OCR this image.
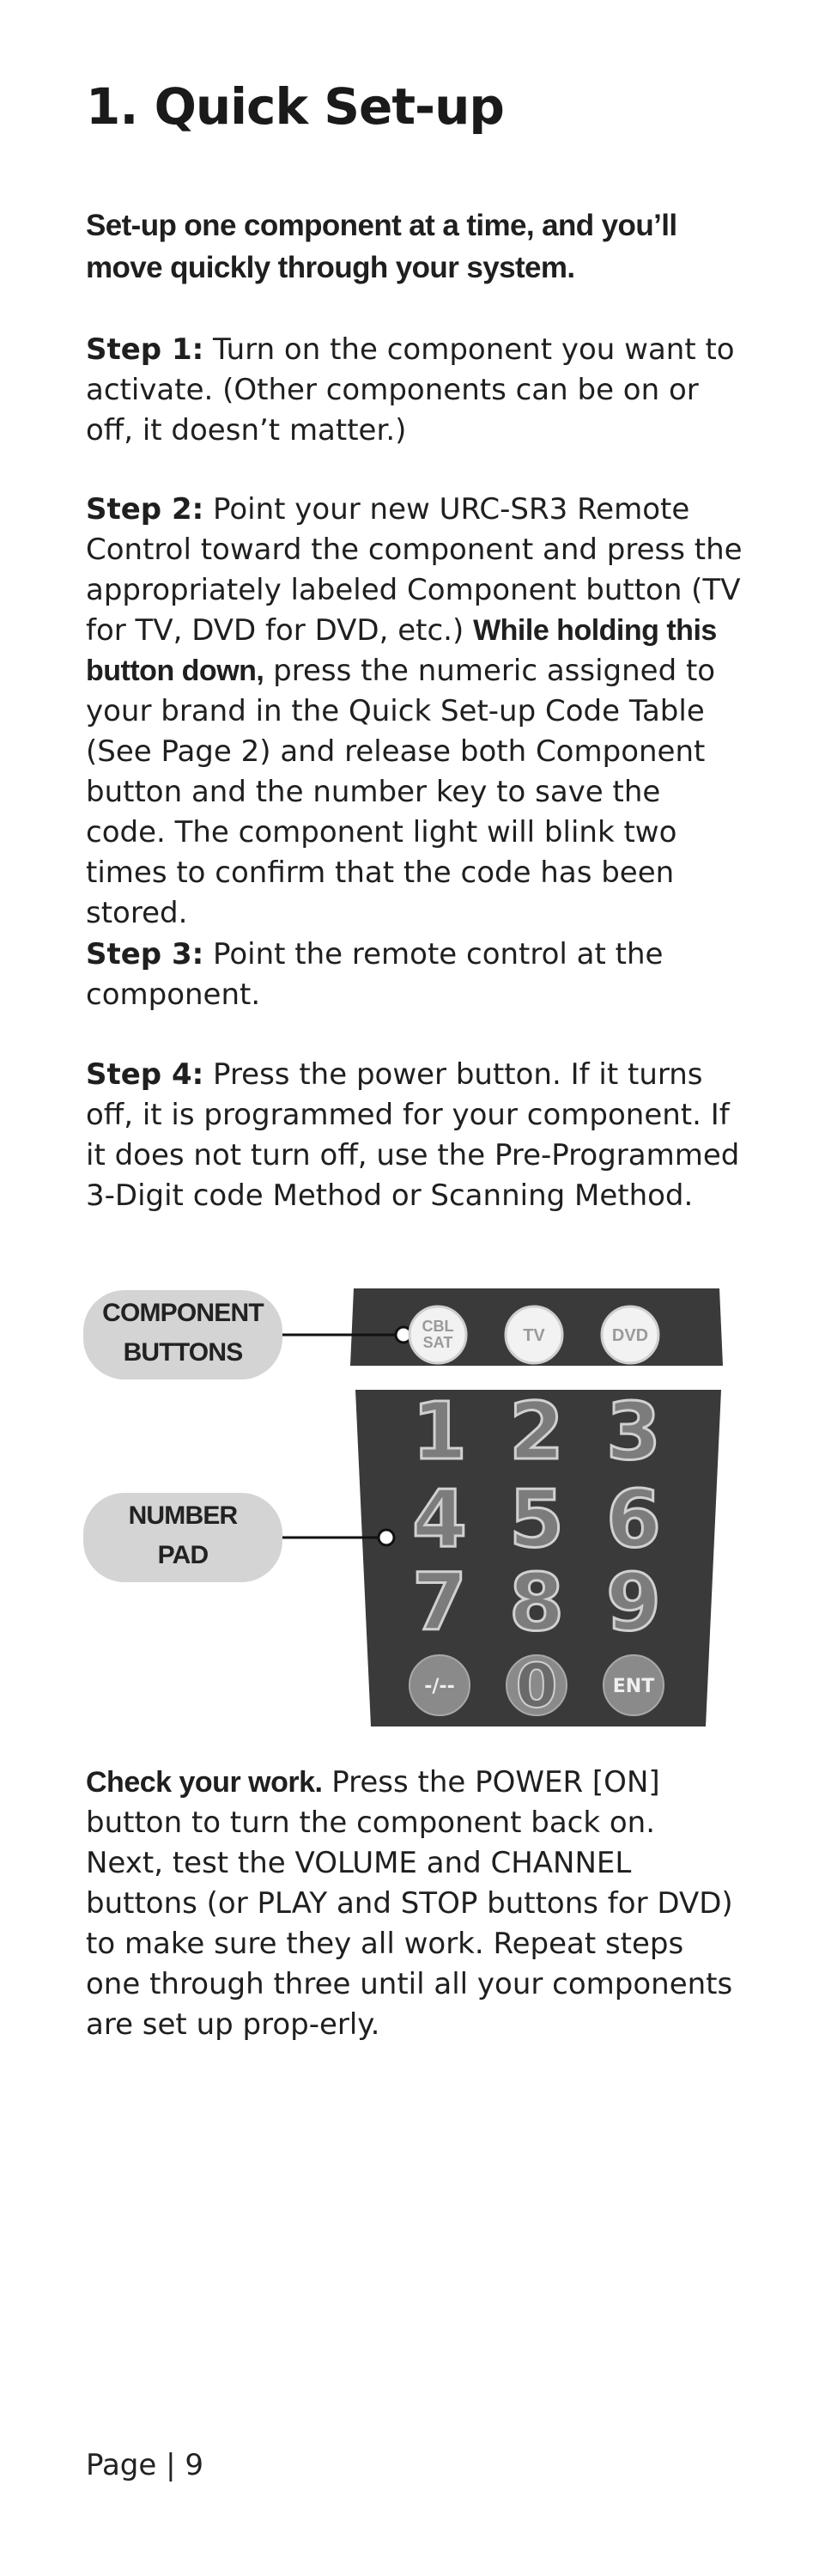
1. Quick Set-up

Set-up one component at a time, and you’ll move quickly through your system.

Step 1: Turn on the component you want to activate. (Other components can be on or off, it doesn’t matter.)

Step 2: Point your new URC-SR3 Remote Control toward the component and press the appropriately labeled Component button (TV for TV, DVD for DVD, etc.) While holding this button down, press the numeric assigned to your brand in the Quick Set-up Code Table (See Page 2) and release both Component button and the number key to save the code. The component light will blink two times to confirm that the code has been stored.

Step 3: Point the remote control at the component.

Step 4: Press the power button. If it turns off, it is programmed for your component. If it does not turn off, use the Pre-Programmed 3-Digit code Method or Scanning Method.

CBL
SAT	TV	DVD
1 2 3
4 5 6
7 8 9
-/-- 0	ENT
COMPONENT
BUTTONS
NUMBER
PAD

Check your work. Press the POWER [ON] button to turn the component back on.
Next, test the VOLUME and CHANNEL buttons (or PLAY and STOP buttons for DVD) to make sure they all work. Repeat steps one through three until all your components are set up prop-erly.

Page | 9
